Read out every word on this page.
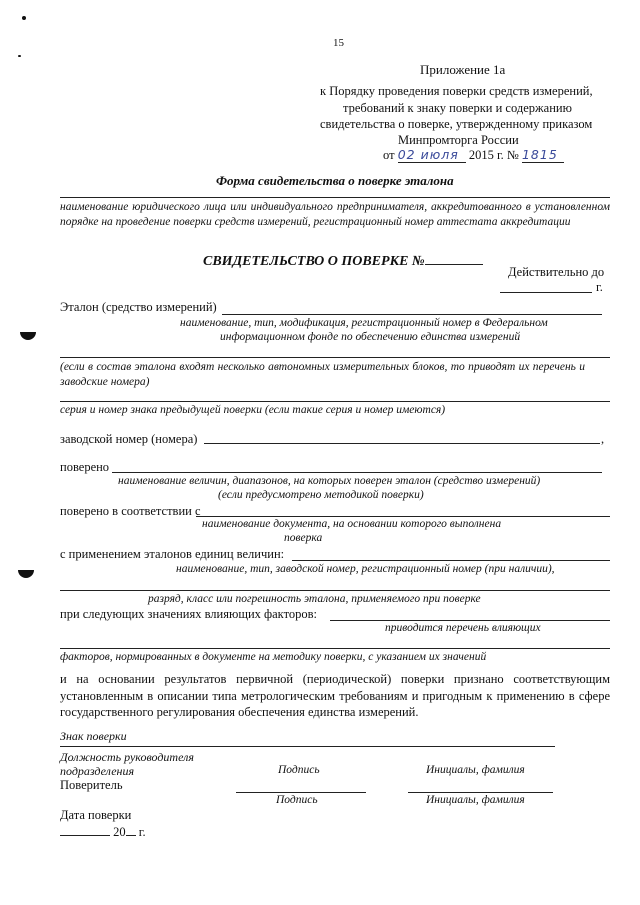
15
Приложение 1а
к Порядку проведения поверки средств измерений,
требований к знаку поверки и содержанию
свидетельства о поверке, утвержденному приказом
Минпромторга России
от 02 июля 2015 г. № 1815
Форма свидетельства о поверке эталона
наименование юридического лица или индивидуального предпринимателя, аккредитованного в установленном порядке на проведение поверки средств измерений, регистрационный номер аттестата аккредитации
СВИДЕТЕЛЬСТВО О ПОВЕРКЕ №
Действительно до
г.
Эталон (средство измерений)
наименование, тип, модификация, регистрационный номер в Федеральном
информационном фонде по обеспечению единства измерений
(если в состав эталона входят несколько автономных измерительных блоков, то приводят их перечень и заводские номера)
серия и номер знака предыдущей поверки (если такие серия и номер имеются)
заводской номер (номера)	,
поверено
наименование величин, диапазонов, на которых поверен эталон (средство измерений)
(если предусмотрено методикой поверки)
поверено в соответствии с
наименование документа, на основании которого выполнена
поверка
с применением эталонов единиц величин:
наименование, тип, заводской номер, регистрационный номер (при наличии),
разряд, класс или погрешность эталона, применяемого при поверке
при следующих значениях влияющих факторов:
приводится перечень влияющих
факторов, нормированных в документе на методику поверки, с указанием их значений
и на основании результатов первичной (периодической) поверки признано соответствующим установленным в описании типа метрологическим требованиям и пригодным к применению в сфере государственного регулирования обеспечения единства измерений.
Знак поверки
Должность руководителя
подразделения	Подпись	Инициалы, фамилия
Поверитель
Подпись	Инициалы, фамилия
Дата поверки
20 г.
